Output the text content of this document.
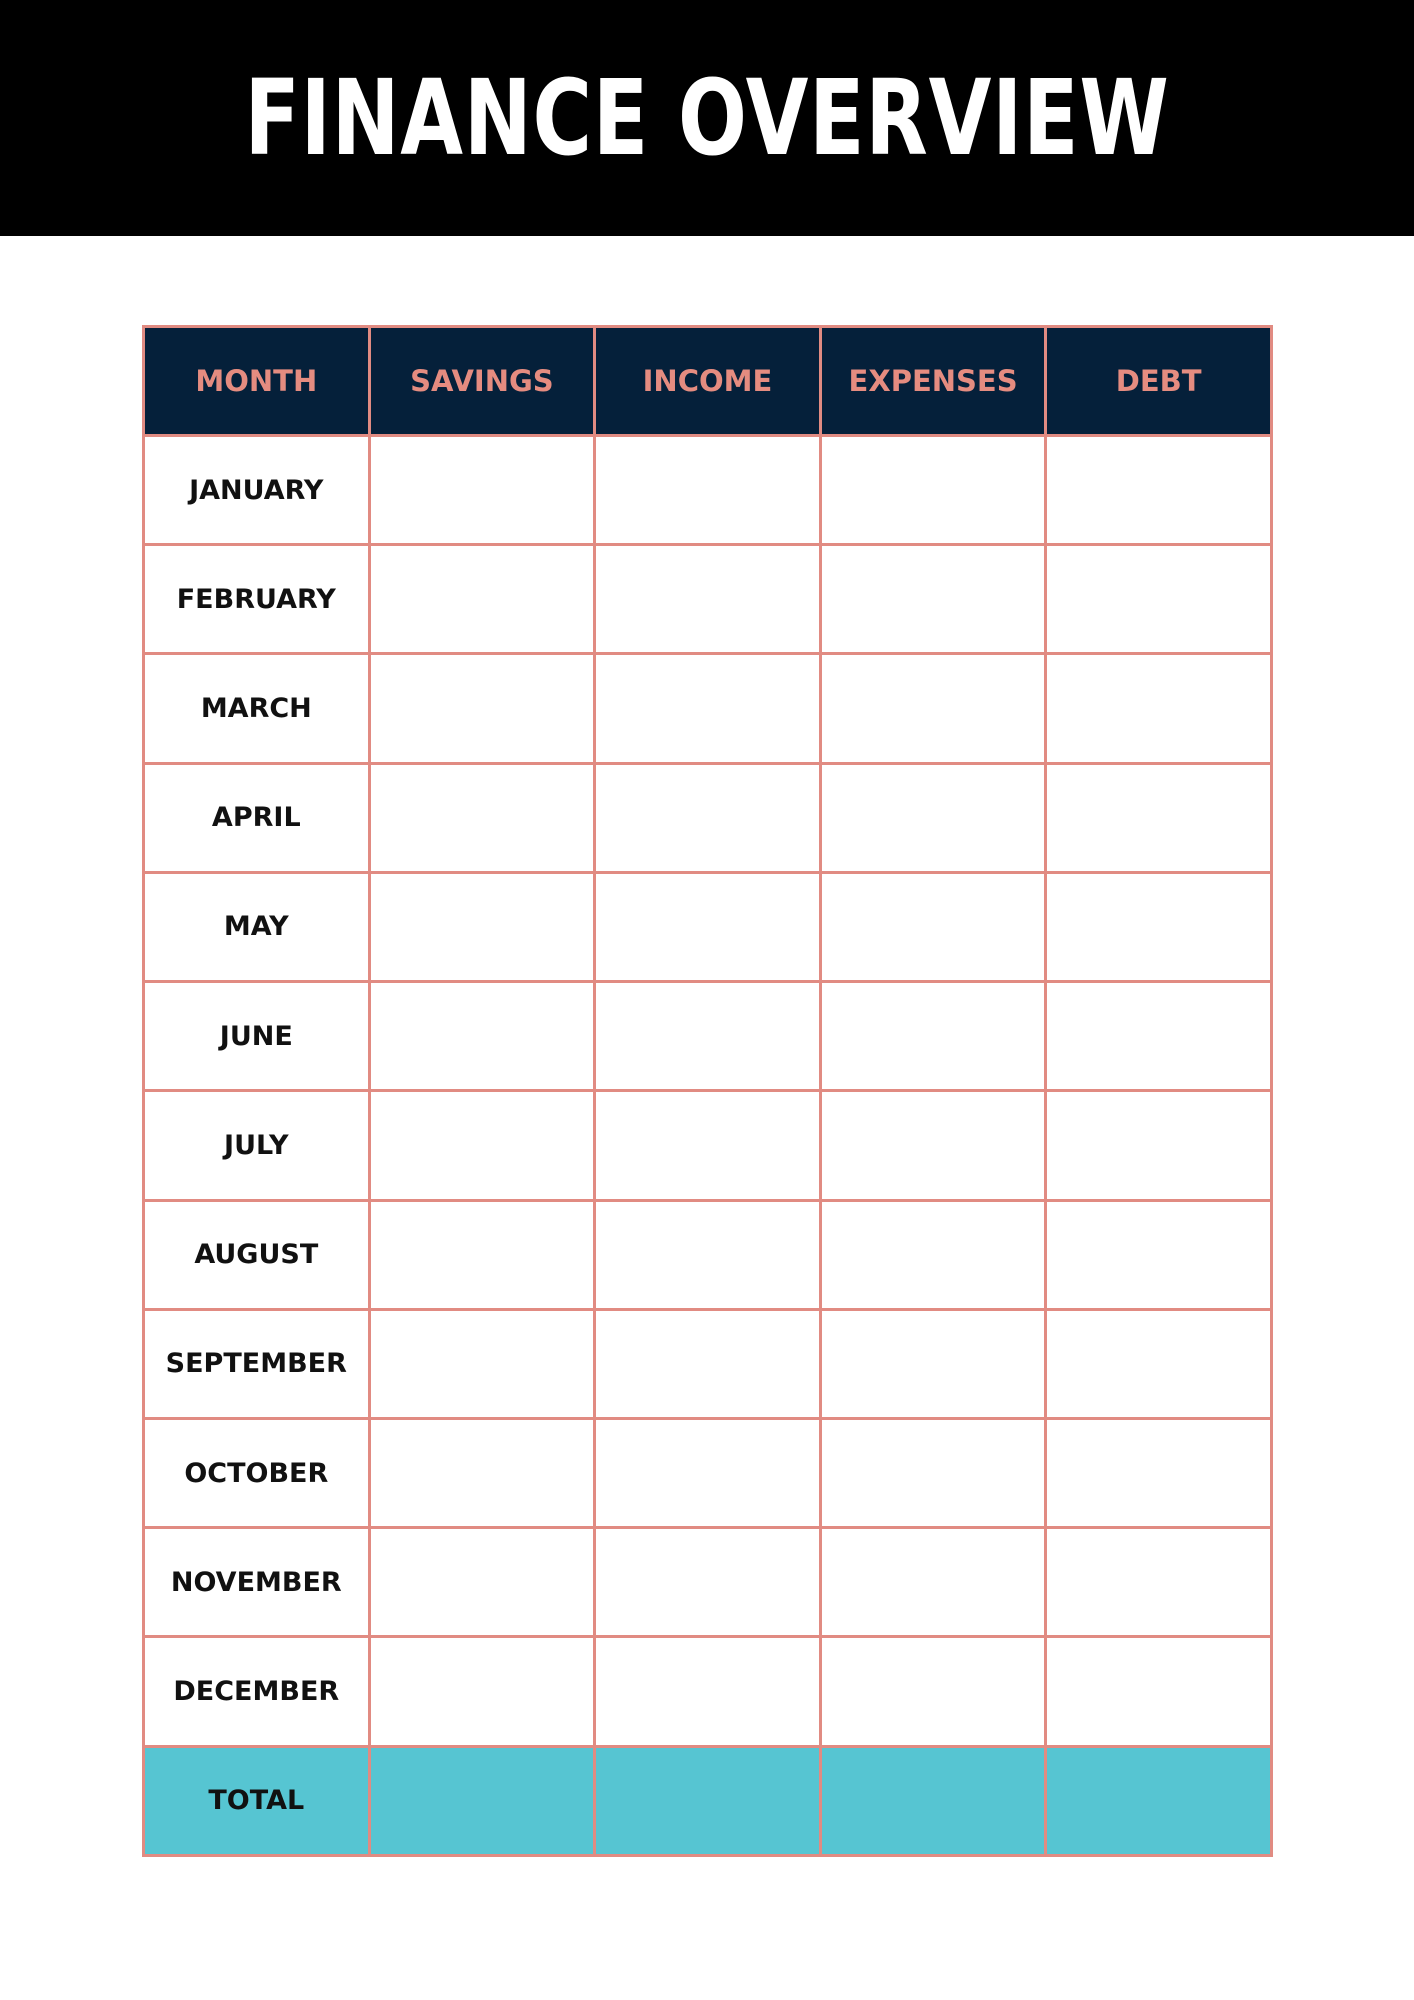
FINANCE OVERVIEW
MONTH	SAVINGS	INCOME	EXPENSES	DEBT
JANUARY				
FEBRUARY				
MARCH				
APRIL				
MAY				
JUNE				
JULY				
AUGUST				
SEPTEMBER				
OCTOBER				
NOVEMBER				
DECEMBER				
TOTAL				
